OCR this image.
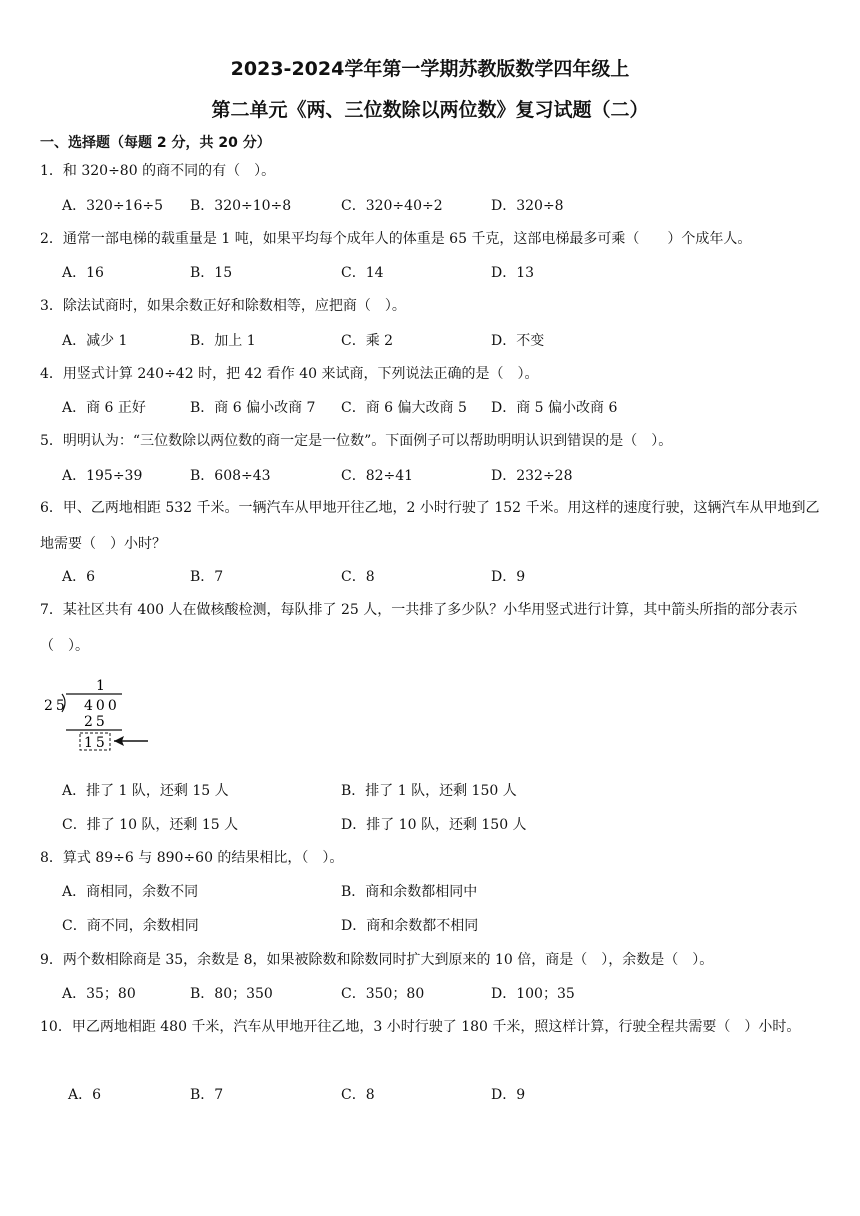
2023-2024学年第一学期苏教版数学四年级上
第二单元《两、三位数除以两位数》复习试题（二）
一、选择题（每题 2 分，共 20 分）
1．和 320÷80 的商不同的有（　）。
A．320÷16÷5 B．320÷10÷8	C．320÷40÷2	D．320÷8
2．通常一部电梯的载重量是 1 吨，如果平均每个成年人的体重是 65 千克，这部电梯最多可乘（　　）个成年人。
A．16	B．15	C．14	D．13
3．除法试商时，如果余数正好和除数相等，应把商（　）。
A．减少 1	B．加上 1	C．乘 2	D．不变
4．用竖式计算 240÷42 时，把 42 看作 40 来试商，下列说法正确的是（　）。
A．商 6 正好	B．商 6 偏小改商 7 C．商 6 偏大改商 5 D．商 5 偏小改商 6
5．明明认为：“三位数除以两位数的商一定是一位数”。下面例子可以帮助明明认识到错误的是（　）。
A．195÷39	B．608÷43	C．82÷41	D．232÷28
6．甲、乙两地相距 532 千米。一辆汽车从甲地开往乙地，2 小时行驶了 152 千米。用这样的速度行驶，这辆汽车从甲地到乙地需要（　）小时？
A．6	B．7	C．8	D．9
7．某社区共有 400 人在做核酸检测，每队排了 25 人，一共排了多少队？小华用竖式进行计算，其中箭头所指的部分表示（　）。
1
25 400
25
15
A．排了 1 队，还剩 15 人	B．排了 1 队，还剩 150 人
C．排了 10 队，还剩 15 人	D．排了 10 队，还剩 150 人
8．算式 89÷6 与 890÷60 的结果相比，（　）。
A．商相同，余数不同	B．商和余数都相同中
C．商不同，余数相同	D．商和余数都不相同
9．两个数相除商是 35，余数是 8，如果被除数和除数同时扩大到原来的 10 倍，商是（　），余数是（　）。
A．35；80	B．80；350	C．350；80	D．100；35
10．甲乙两地相距 480 千米，汽车从甲地开往乙地，3 小时行驶了 180 千米，照这样计算，行驶全程共需要（　）小时。
A．6	B．7	C．8	D．9
